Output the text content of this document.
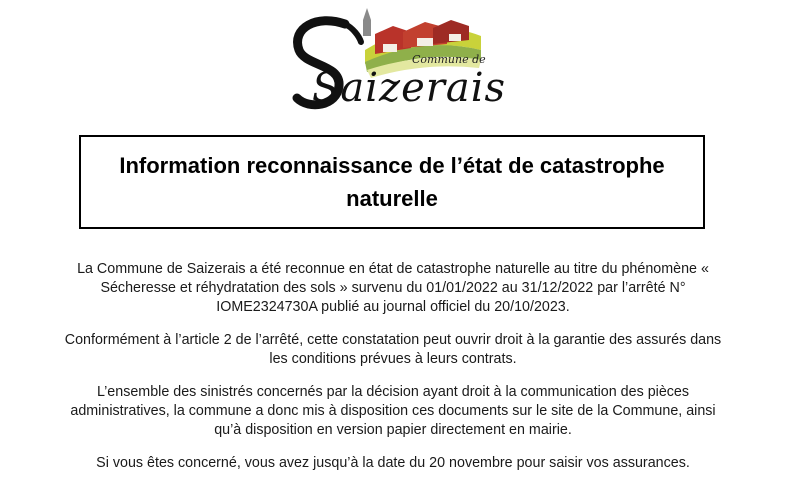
Commune de
Saizerais
Information reconnaissance de l’état de catastrophe naturelle

La Commune de Saizerais a été reconnue en état de catastrophe naturelle au titre du phénomène « Sécheresse et réhydratation des sols » survenu du 01/01/2022 au 31/12/2022 par l’arrêté N° IOME2324730A publié au journal officiel du 20/10/2023.

Conformément à l’article 2 de l’arrêté, cette constatation peut ouvrir droit à la garantie des assurés dans les conditions prévues à leurs contrats.

L’ensemble des sinistrés concernés par la décision ayant droit à la communication des pièces administratives, la commune a donc mis à disposition ces documents sur le site de la Commune, ainsi qu’à disposition en version papier directement en mairie.

Si vous êtes concerné, vous avez jusqu’à la date du 20 novembre pour saisir vos assurances.
